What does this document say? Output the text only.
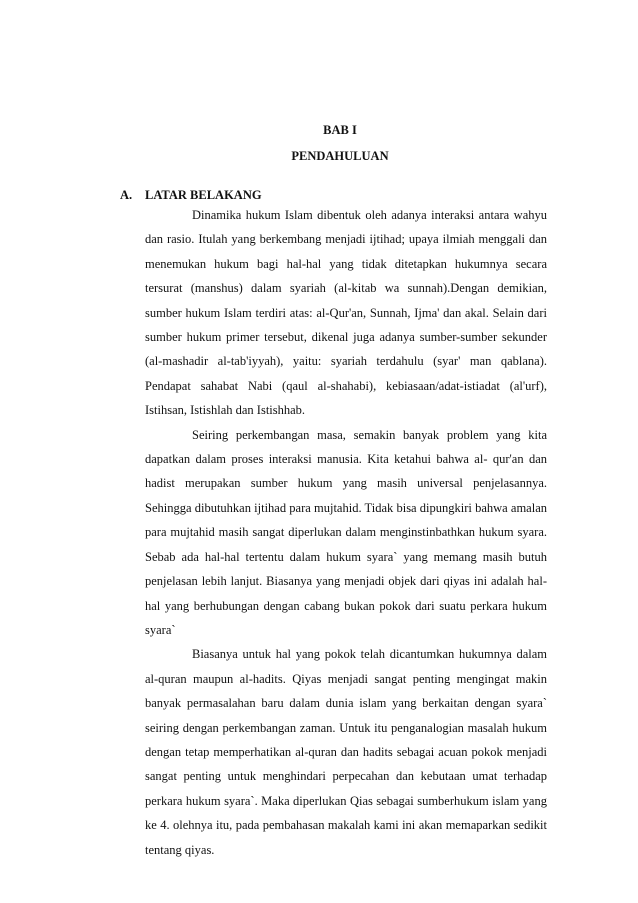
BAB I
PENDAHULUAN
A. LATAR BELAKANG

Dinamika hukum Islam dibentuk oleh adanya interaksi antara wahyu dan rasio. Itulah yang berkembang menjadi ijtihad; upaya ilmiah menggali dan menemukan hukum bagi hal-hal yang tidak ditetapkan hukumnya secara tersurat (manshus) dalam syariah (al-kitab wa sunnah).Dengan demikian, sumber hukum Islam terdiri atas: al-Qur'an, Sunnah, Ijma' dan akal. Selain dari sumber hukum primer tersebut, dikenal juga adanya sumber-sumber sekunder (al-mashadir al-tab'iyyah), yaitu: syariah terdahulu (syar' man qablana). Pendapat sahabat Nabi (qaul al-shahabi), kebiasaan/adat-istiadat (al'urf), Istihsan, Istishlah dan Istishhab.

Seiring perkembangan masa, semakin banyak problem yang kita dapatkan dalam proses interaksi manusia. Kita ketahui bahwa al- qur'an dan hadist merupakan sumber hukum yang masih universal penjelasannya. Sehingga dibutuhkan ijtihad para mujtahid. Tidak bisa dipungkiri bahwa amalan para mujtahid masih sangat diperlukan dalam menginstinbathkan hukum syara. Sebab ada hal-hal tertentu dalam hukum syara` yang memang masih butuh penjelasan lebih lanjut. Biasanya yang menjadi objek dari qiyas ini adalah hal-hal yang berhubungan dengan cabang bukan pokok dari suatu perkara hukum syara`

Biasanya untuk hal yang pokok telah dicantumkan hukumnya dalam al-quran maupun al-hadits. Qiyas menjadi sangat penting mengingat makin banyak permasalahan baru dalam dunia islam yang berkaitan dengan syara` seiring dengan perkembangan zaman. Untuk itu penganalogian masalah hukum dengan tetap memperhatikan al-quran dan hadits sebagai acuan pokok menjadi sangat penting untuk menghindari perpecahan dan kebutaan umat terhadap perkara hukum syara`. Maka diperlukan Qias sebagai sumberhukum islam yang ke 4. olehnya itu, pada pembahasan makalah kami ini akan memaparkan sedikit tentang qiyas.
